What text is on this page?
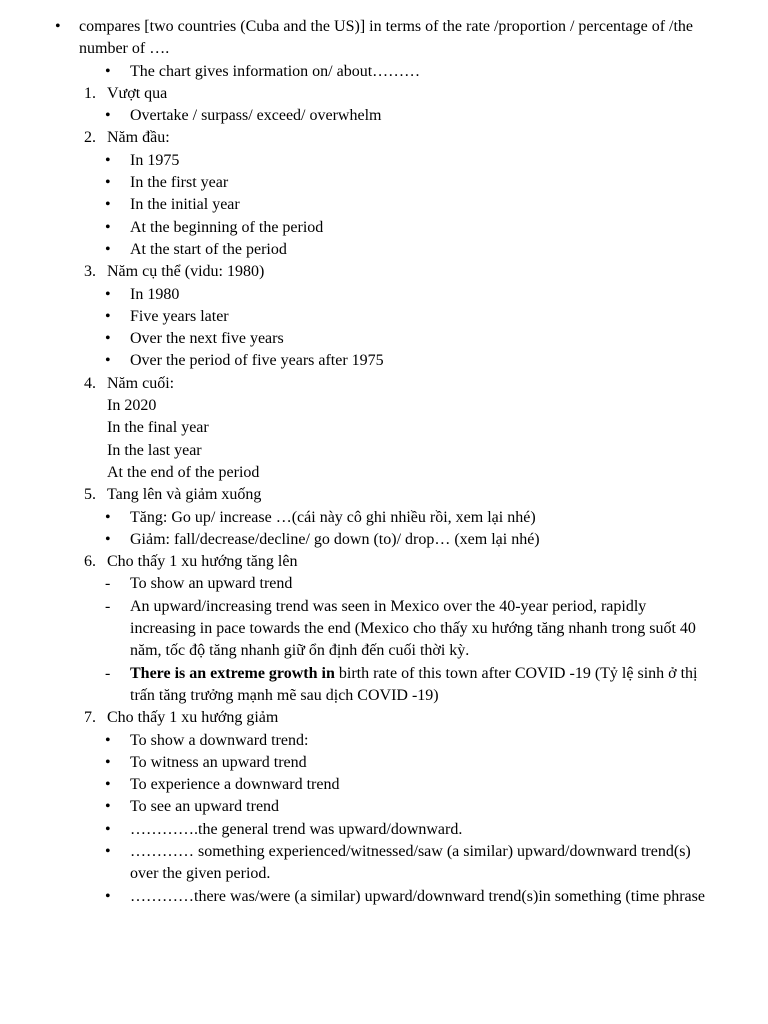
• compares [two countries (Cuba and the US)] in terms of the rate /proportion / percentage of /the
number of ….
• The chart gives information on/ about………
1. Vượt qua
• Overtake / surpass/ exceed/ overwhelm
2. Năm đầu:
• In 1975
• In the first year
• In the initial year
• At the beginning of the period
• At the start of the period
3. Năm cụ thể (vidu: 1980)
• In 1980
• Five years later
• Over the next five years
• Over the period of five years after 1975
4. Năm cuối:
In 2020
In the final year
In the last year
At the end of the period
5. Tang lên và giảm xuống
• Tăng: Go up/ increase …(cái này cô ghi nhiều rồi, xem lại nhé)
• Giảm: fall/decrease/decline/ go down (to)/ drop… (xem lại nhé)
6. Cho thấy 1 xu hướng tăng lên
- To show an upward trend
- An upward/increasing trend was seen in Mexico over the 40-year period, rapidly increasing in pace towards the end (Mexico cho thấy xu hướng tăng nhanh trong suốt 40 năm, tốc độ tăng nhanh giữ ổn định đến cuối thời kỳ.
- There is an extreme growth in birth rate of this town after COVID -19 (Tỷ lệ sinh ở thị trấn tăng trưởng mạnh mẽ sau dịch COVID -19)
7. Cho thấy 1 xu hướng giảm
• To show a downward trend:
• To witness an upward trend
• To experience a downward trend
• To see an upward trend
• ………….the general trend was upward/downward.
• ………… something experienced/witnessed/saw (a similar) upward/downward trend(s) over the given period.
• …………there was/were (a similar) upward/downward trend(s)in something (time phrase
